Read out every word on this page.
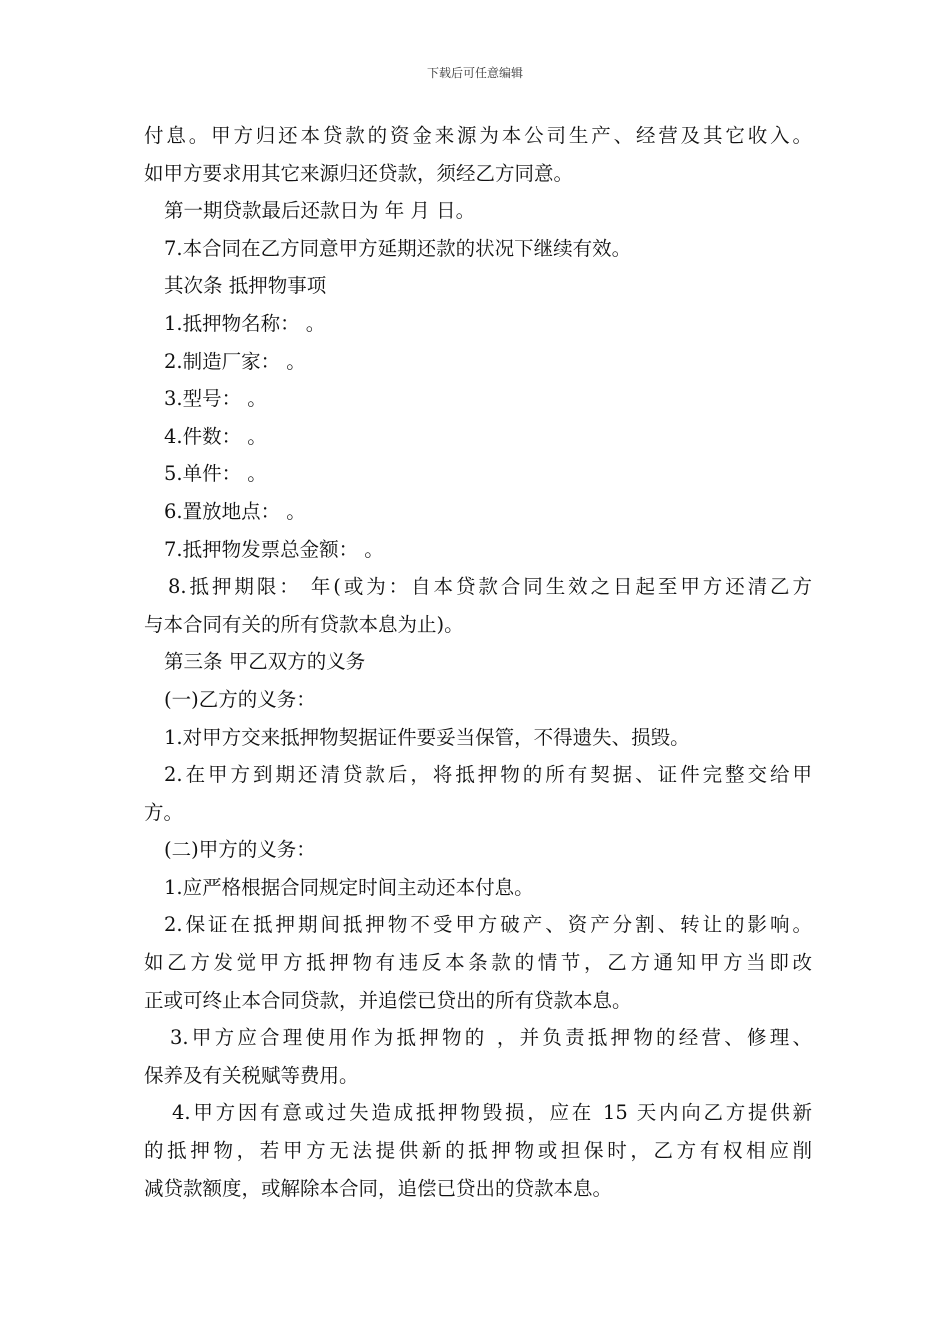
下载后可任意编辑
付息。甲方归还本贷款的资金来源为本公司生产、经营及其它收入。
如甲方要求用其它来源归还贷款，须经乙方同意。
第一期贷款最后还款日为 年 月 日。
7.本合同在乙方同意甲方延期还款的状况下继续有效。
其次条 抵押物事项
1.抵押物名称： 。
2.制造厂家： 。
3.型号： 。
4.件数： 。
5.单件： 。
6.置放地点： 。
7.抵押物发票总金额： 。
8.抵押期限： 年(或为：自本贷款合同生效之日起至甲方还清乙方
与本合同有关的所有贷款本息为止)。
第三条 甲乙双方的义务
(一)乙方的义务：
1.对甲方交来抵押物契据证件要妥当保管，不得遗失、损毁。
2.在甲方到期还清贷款后，将抵押物的所有契据、证件完整交给甲
方。
(二)甲方的义务：
1.应严格根据合同规定时间主动还本付息。
2.保证在抵押期间抵押物不受甲方破产、资产分割、转让的影响。
如乙方发觉甲方抵押物有违反本条款的情节，乙方通知甲方当即改
正或可终止本合同贷款，并追偿已贷出的所有贷款本息。
3.甲方应合理使用作为抵押物的 ，并负责抵押物的经营、修理、
保养及有关税赋等费用。
4.甲方因有意或过失造成抵押物毁损，应在 15 天内向乙方提供新
的抵押物，若甲方无法提供新的抵押物或担保时，乙方有权相应削
减贷款额度，或解除本合同，追偿已贷出的贷款本息。
